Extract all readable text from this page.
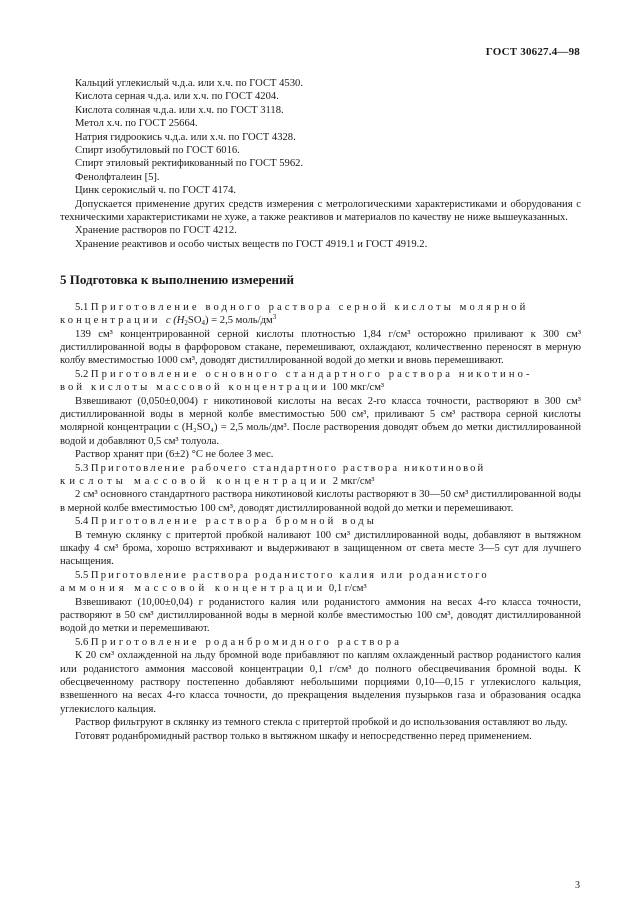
ГОСТ 30627.4—98
Кальций углекислый ч.д.а. или х.ч. по ГОСТ 4530.
Кислота серная ч.д.а. или х.ч. по ГОСТ 4204.
Кислота соляная ч.д.а. или х.ч. по ГОСТ 3118.
Метол х.ч. по ГОСТ 25664.
Натрия гидроокись ч.д.а. или х.ч. по ГОСТ 4328.
Спирт изобутиловый по ГОСТ 6016.
Спирт этиловый ректификованный по ГОСТ 5962.
Фенолфталеин [5].
Цинк серокислый ч. по ГОСТ 4174.

Допускается применение других средств измерения с метрологическими характеристиками и оборудования с техническими характеристиками не хуже, а также реактивов и материалов по качеству не ниже вышеуказанных.

Хранение растворов по ГОСТ 4212.

Хранение реактивов и особо чистых веществ по ГОСТ 4919.1 и ГОСТ 4919.2.

5 Подготовка к выполнению измерений
5.1 Приготовление водного раствора серной кислоты молярной
концентрации c $(H_2SO_4) = 2,5$ моль/$дм^3$

139 см³ концентрированной серной кислоты плотностью 1,84 г/см³ осторожно приливают к 300 см³ дистиллированной воды в фарфоровом стакане, перемешивают, охлаждают, количественно переносят в мерную колбу вместимостью 1000 см³, доводят дистиллированной водой до метки и вновь перемешивают.

5.2 Приготовление основного стандартного раствора никотино-
вой кислоты массовой концентрации 100 мкг/см³

Взвешивают (0,050±0,004) г никотиновой кислоты на весах 2-го класса точности, растворяют в 300 см³ дистиллированной воды в мерной колбе вместимостью 500 см³, приливают 5 см³ раствора серной кислоты молярной концентрации c (H₂SO₄) = 2,5 моль/дм³. После растворения доводят объем до метки дистиллированной водой и добавляют 0,5 см³ толуола.

Раствор хранят при (6±2) °С не более 3 мес.

5.3 Приготовление рабочего стандартного раствора никотиновой
кислоты массовой концентрации 2 мкг/см³

2 см³ основного стандартного раствора никотиновой кислоты растворяют в 30—50 см³ дистиллированной воды в мерной колбе вместимостью 100 см³, доводят дистиллированной водой до метки и перемешивают.

5.4 Приготовление раствора бромной воды

В темную склянку с притертой пробкой наливают 100 см³ дистиллированной воды, добавляют в вытяжном шкафу 4 см³ брома, хорошо встряхивают и выдерживают в защищенном от света месте 3—5 сут для лучшего насыщения.

5.5 Приготовление раствора роданистого калия или роданистого
аммония массовой концентрации 0,1 г/см³

Взвешивают (10,00±0,04) г роданистого калия или роданистого аммония на весах 4-го класса точности, растворяют в 50 см³ дистиллированной воды в мерной колбе вместимостью 100 см³, доводят дистиллированной водой до метки и перемешивают.

5.6 Приготовление роданбромидного раствора

К 20 см³ охлажденной на льду бромной воде прибавляют по каплям охлажденный раствор роданистого калия или роданистого аммония массовой концентрации 0,1 г/см³ до полного обесцвечивания бромной воды. К обесцвеченному раствору постепенно добавляют небольшими порциями 0,10—0,15 г углекислого кальция, взвешенного на весах 4-го класса точности, до прекращения выделения пузырьков газа и образования осадка углекислого кальция.

Раствор фильтруют в склянку из темного стекла с притертой пробкой и до использования оставляют во льду.

Готовят роданбромидный раствор только в вытяжном шкафу и непосредственно перед применением.

3
